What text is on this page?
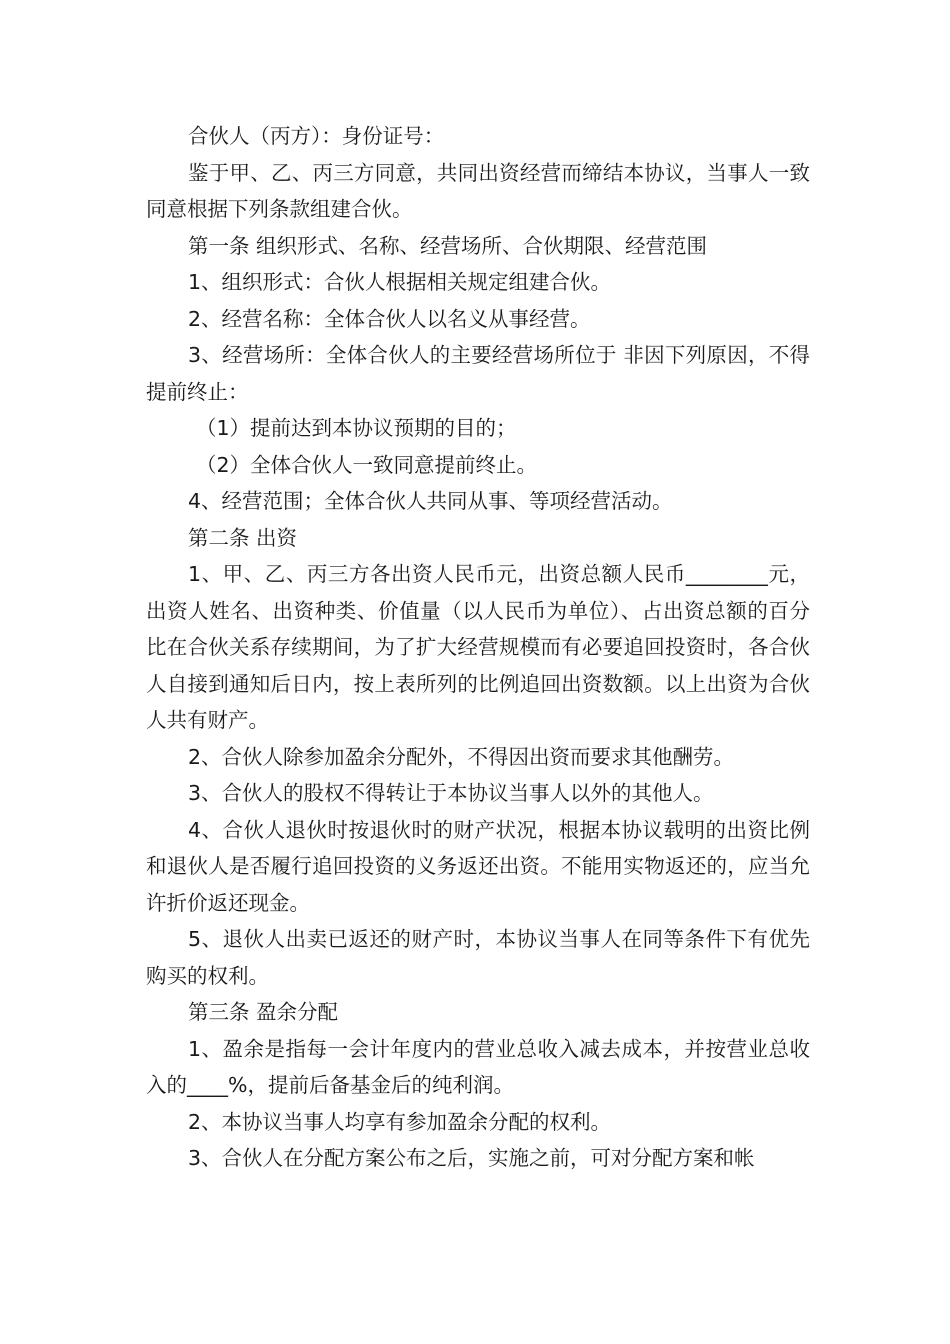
合伙人（丙方）：身份证号：

鉴于甲、乙、丙三方同意，共同出资经营而缔结本协议，当事人一致同意根据下列条款组建合伙。

第一条 组织形式、名称、经营场所、合伙期限、经营范围

1、组织形式：合伙人根据相关规定组建合伙。

2、经营名称：全体合伙人以名义从事经营。

3、经营场所：全体合伙人的主要经营场所位于 非因下列原因，不得提前终止：

（1）提前达到本协议预期的目的；

（2）全体合伙人一致同意提前终止。

4、经营范围；全体合伙人共同从事、等项经营活动。

第二条 出资

1、甲、乙、丙三方各出资人民币元，出资总额人民币________元， 出资人姓名、出资种类、价值量（以人民币为单位）、占出资总额的百分比在合伙关系存续期间，为了扩大经营规模而有必要追回投资时，各合伙人自接到通知后日内，按上表所列的比例追回出资数额。以上出资为合伙人共有财产。

2、合伙人除参加盈余分配外，不得因出资而要求其他酬劳。

3、合伙人的股权不得转让于本协议当事人以外的其他人。

4、合伙人退伙时按退伙时的财产状况，根据本协议载明的出资比例和退伙人是否履行追回投资的义务返还出资。不能用实物返还的，应当允许折价返还现金。

5、退伙人出卖已返还的财产时，本协议当事人在同等条件下有优先购买的权利。

第三条 盈余分配

1、盈余是指每一会计年度内的营业总收入减去成本，并按营业总收入的____%，提前后备基金后的纯利润。

2、本协议当事人均享有参加盈余分配的权利。

3、合伙人在分配方案公布之后，实施之前，可对分配方案和帐
